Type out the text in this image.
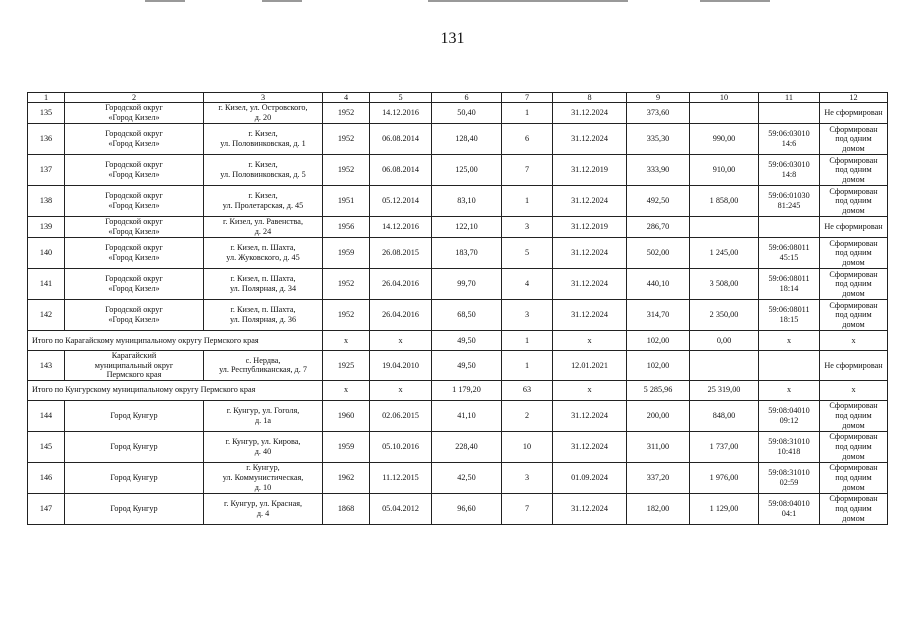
131
1	2	3	4	5	6	7	8	9	10	11	12
135	Городской округ
«Город Кизел»	г. Кизел, ул. Островского,
д. 20	1952	14.12.2016	50,40	1	31.12.2024	373,60			Не сформирован
136	Городской округ
«Город Кизел»	г. Кизел,
ул. Половинковская, д. 1	1952	06.08.2014	128,40	6	31.12.2024	335,30	990,00	59:06:03010
14:6	Сформирован
под одним
домом
137	Городской округ
«Город Кизел»	г. Кизел,
ул. Половинковская, д. 5	1952	06.08.2014	125,00	7	31.12.2019	333,90	910,00	59:06:03010
14:8	Сформирован
под одним
домом
138	Городской округ
«Город Кизел»	г. Кизел,
ул. Пролетарская, д. 45	1951	05.12.2014	83,10	1	31.12.2024	492,50	1 858,00	59:06:01030
81:245	Сформирован
под одним
домом
139	Городской округ
«Город Кизел»	г. Кизел, ул. Равенства,
д. 24	1956	14.12.2016	122,10	3	31.12.2019	286,70			Не сформирован
140	Городской округ
«Город Кизел»	г. Кизел, п. Шахта,
ул. Жуковского, д. 45	1959	26.08.2015	183,70	5	31.12.2024	502,00	1 245,00	59:06:08011
45:15	Сформирован
под одним
домом
141	Городской округ
«Город Кизел»	г. Кизел, п. Шахта,
ул. Полярная, д. 34	1952	26.04.2016	99,70	4	31.12.2024	440,10	3 508,00	59:06:08011
18:14	Сформирован
под одним
домом
142	Городской округ
«Город Кизел»	г. Кизел, п. Шахта,
ул. Полярная, д. 36	1952	26.04.2016	68,50	3	31.12.2024	314,70	2 350,00	59:06:08011
18:15	Сформирован
под одним
домом
Итого по Карагайскому муниципальному округу Пермского края			х	х	49,50	1	х	102,00	0,00	х	х
143	Карагайский
муниципальный округ
Пермского края	с. Нердва,
ул. Республиканская, д. 7	1925	19.04.2010	49,50	1	12.01.2021	102,00			Не сформирован
Итого по Кунгурскому муниципальному округу Пермского края			х	х	1 179,20	63	х	5 285,96	25 319,00	х	х
144	Город Кунгур	г. Кунгур, ул. Гоголя,
д. 1а	1960	02.06.2015	41,10	2	31.12.2024	200,00	848,00	59:08:04010
09:12	Сформирован
под одним
домом
145	Город Кунгур	г. Кунгур, ул. Кирова,
д. 40	1959	05.10.2016	228,40	10	31.12.2024	311,00	1 737,00	59:08:31010
10:418	Сформирован
под одним
домом
146	Город Кунгур	г. Кунгур,
ул. Коммунистическая,
д. 10	1962	11.12.2015	42,50	3	01.09.2024	337,20	1 976,00	59:08:31010
02:59	Сформирован
под одним
домом
147	Город Кунгур	г. Кунгур, ул. Красная,
д. 4	1868	05.04.2012	96,60	7	31.12.2024	182,00	1 129,00	59:08:04010
04:1	Сформирован
под одним
домом
